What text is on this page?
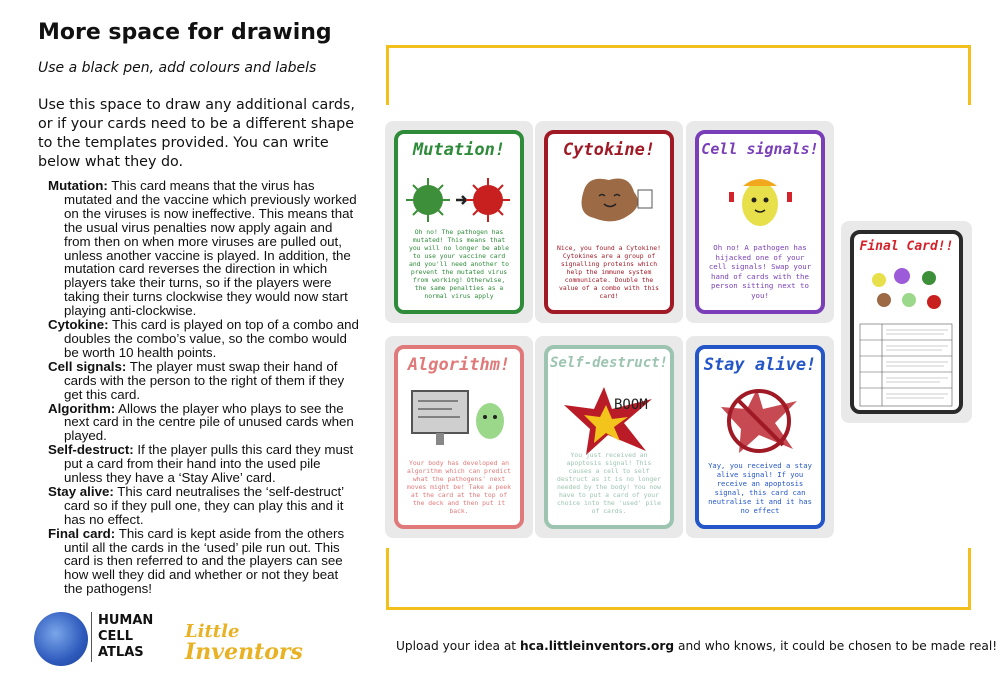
More space for drawing
Use a black pen, add colours and labels
Use this space to draw any additional cards, or if your cards need to be a different shape to the templates provided. You can write below what they do.

Mutation: This card means that the virus has mutated and the vaccine which previously worked on the viruses is now ineffective. This means that the usual virus penalties now apply again and from then on when more viruses are pulled out, unless another vaccine is played. In addition, the mutation card reverses the direction in which players take their turns, so if the players were taking their turns clockwise they would now start playing anti-clockwise.

Cytokine: This card is played on top of a combo and doubles the combo’s value, so the combo would be worth 10 health points.

Cell signals: The player must swap their hand of cards with the person to the right of them if they get this card.

Algorithm: Allows the player who plays to see the next card in the centre pile of unused cards when played.

Self-destruct: If the player pulls this card they must put a card from their hand into the used pile unless they have a ‘Stay Alive’ card.

Stay alive: This card neutralises the ‘self-destruct’ card so if they pull one, they can play this and it has no effect.

Final card: This card is kept aside from the others until all the cards in the ‘used’ pile run out. This card is then referred to and the players can see how well they did and whether or not they beat the pathogens!

Mutation!
Oh no! The pathogen has mutated! This means that you will no longer be able to use your vaccine card and you'll need another to prevent the mutated virus from working! Otherwise, the same penalties as a normal virus apply
Cytokine!
Nice, you found a Cytokine! Cytokines are a group of signalling proteins which help the immune system communicate. Double the value of a combo with this card!
Cell signals!
Oh no! A pathogen has hijacked one of your cell signals! Swap your hand of cards with the person sitting next to you!
Algorithm!
Your body has developed an algorithm which can predict what the pathogens' next moves might be! Take a peek at the card at the top of the deck and then put it back.
Self-destruct!
BOOM
You just received an apoptosis signal! This causes a cell to self destruct as it is no longer needed by the body! You now have to put a card of your choice into the 'used' pile of cards.
Stay alive!
Yay, you received a stay alive signal! If you receive an apoptosis signal, this card can neutralise it and it has no effect
Final Card!!
HUMAN
CELL
ATLAS
Little
Inventors	Upload your idea at hca.littleinventors.org and who knows, it could be chosen to be made real!
